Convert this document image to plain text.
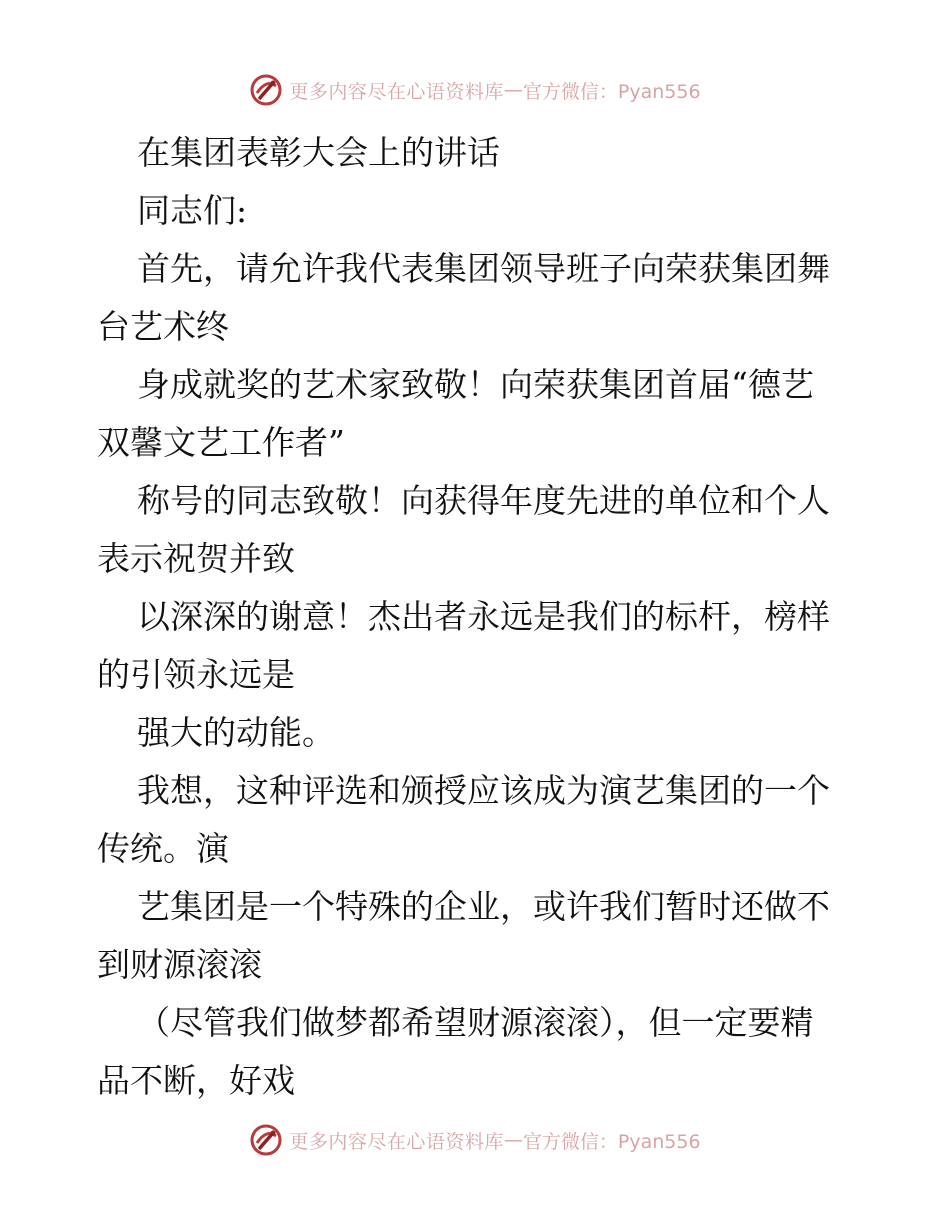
更多内容尽在心语资料库 — 官方微信：Pyan556
在集团表彰大会上的讲话
同志们:
首先，请允许我代表集团领导班子向荣获集团舞
台艺术终
身成就奖的艺术家致敬！向荣获集团首届“德艺
双馨文艺工作者”
称号的同志致敬！向获得年度先进的单位和个人
表示祝贺并致
以深深的谢意！杰出者永远是我们的标杆，榜样
的引领永远是
强大的动能。
我想，这种评选和颁授应该成为演艺集团的一个
传统。演
艺集团是一个特殊的企业，或许我们暂时还做不
到财源滚滚
（尽管我们做梦都希望财源滚滚），但一定要精
品不断，好戏
更多内容尽在心语资料库 — 官方微信：Pyan556
